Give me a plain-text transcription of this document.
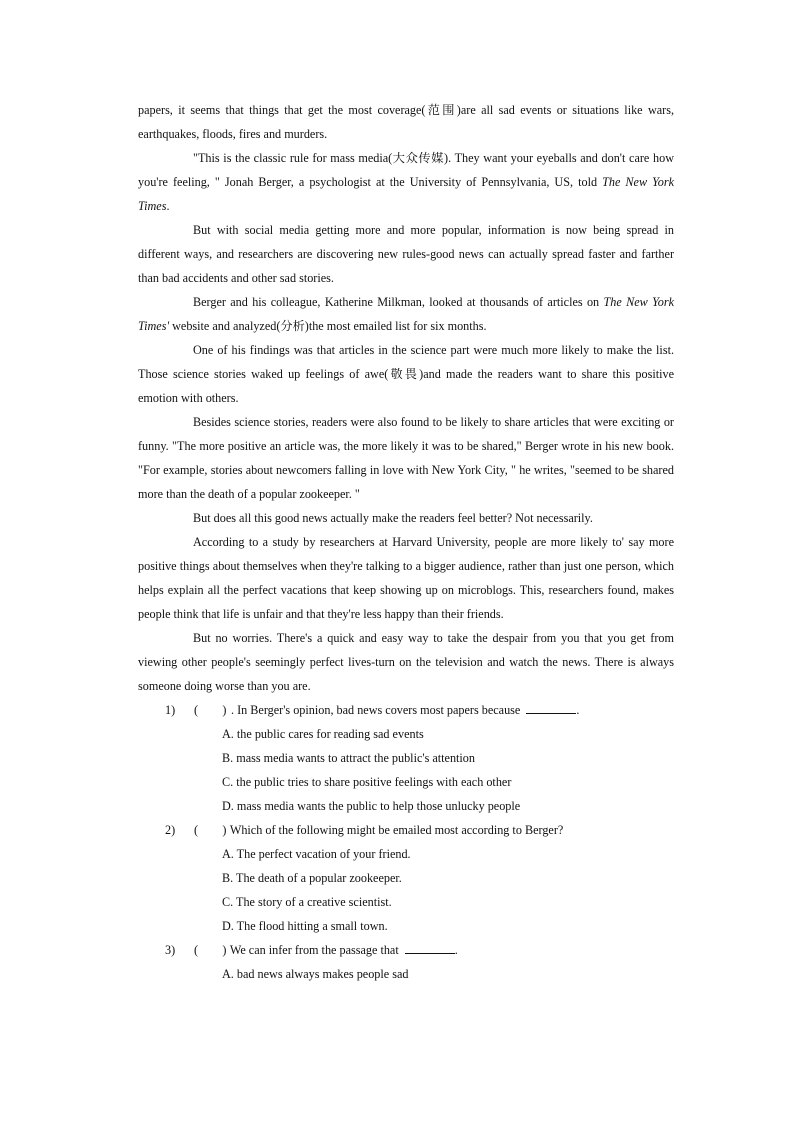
papers, it seems that things that get the most coverage(范围)are all sad events or situations like wars, earthquakes, floods, fires and murders.

"This is the classic rule for mass media(大众传媒). They want your eyeballs and don't care how you're feeling, " Jonah Berger, a psychologist at the University of Pennsylvania, US, told The New York Times.

But with social media getting more and more popular, information is now being spread in different ways, and researchers are discovering new rules-good news can actually spread faster and farther than bad accidents and other sad stories.

Berger and his colleague, Katherine Milkman, looked at thousands of articles on The New York Times' website and analyzed(分析)the most emailed list for six months.

One of his findings was that articles in the science part were much more likely to make the list. Those science stories waked up feelings of awe(敬畏)and made the readers want to share this positive emotion with others.

Besides science stories, readers were also found to be likely to share articles that were exciting or funny. "The more positive an article was, the more likely it was to be shared," Berger wrote in his new book. "For example, stories about newcomers falling in love with New York City, " he writes, "seemed to be shared more than the death of a popular zookeeper. "

But does all this good news actually make the readers feel better? Not necessarily.

According to a study by researchers at Harvard University, people are more likely to' say more positive things about themselves when they're talking to a bigger audience, rather than just one person, which helps explain all the perfect vacations that keep showing up on microblogs. This, researchers found, makes people think that life is unfair and that they're less happy than their friends.

But no worries. There's a quick and easy way to take the despair from you that you get from viewing other people's seemingly perfect lives-turn on the television and watch the news. There is always someone doing worse than you are.

1) (        ) . In Berger's opinion, bad news covers most papers because	.

A. the public cares for reading sad events

B. mass media wants to attract the public's attention

C. the public tries to share positive feelings with each other

D. mass media wants the public to help those unlucky people

2) (        ) Which of the following might be emailed most according to Berger?

A. The perfect vacation of your friend.

B. The death of a popular zookeeper.

C. The story of a creative scientist.

D. The flood hitting a small town.

3) (        ) We can infer from the passage that	.

A. bad news always makes people sad
